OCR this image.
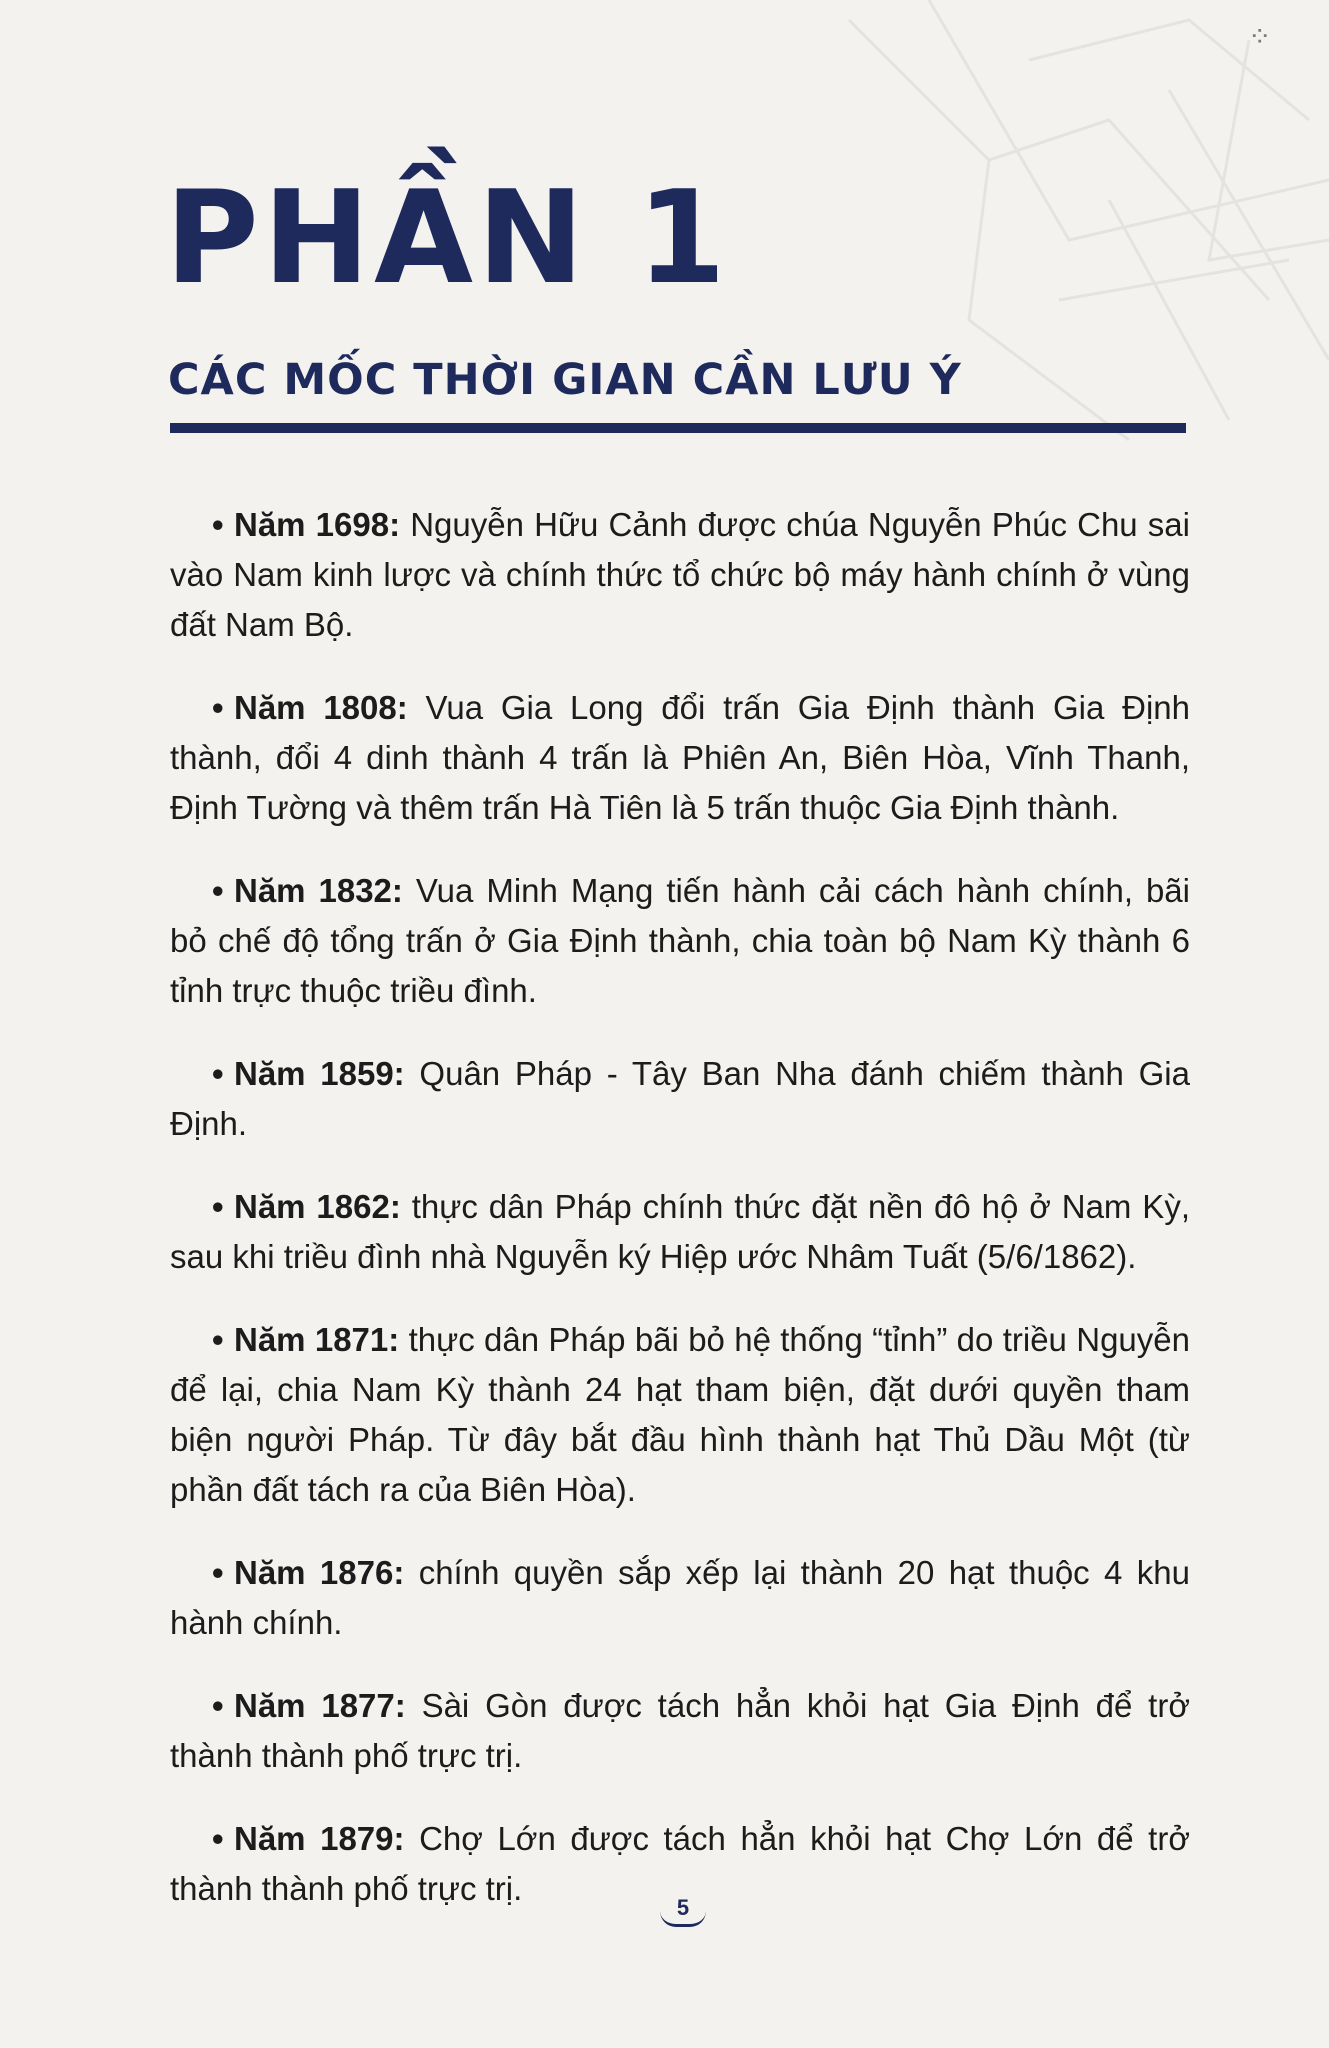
⁘
PHẦN 1
CÁC MỐC THỜI GIAN CẦN LƯU Ý
• Năm 1698: Nguyễn Hữu Cảnh được chúa Nguyễn Phúc Chu sai vào Nam kinh lược và chính thức tổ chức bộ máy hành chính ở vùng đất Nam Bộ.
• Năm 1808: Vua Gia Long đổi trấn Gia Định thành Gia Định thành, đổi 4 dinh thành 4 trấn là Phiên An, Biên Hòa, Vĩnh Thanh, Định Tường và thêm trấn Hà Tiên là 5 trấn thuộc Gia Định thành.
• Năm 1832: Vua Minh Mạng tiến hành cải cách hành chính, bãi bỏ chế độ tổng trấn ở Gia Định thành, chia toàn bộ Nam Kỳ thành 6 tỉnh trực thuộc triều đình.
• Năm 1859: Quân Pháp - Tây Ban Nha đánh chiếm thành Gia Định.
• Năm 1862: thực dân Pháp chính thức đặt nền đô hộ ở Nam Kỳ, sau khi triều đình nhà Nguyễn ký Hiệp ước Nhâm Tuất (5/6/1862).
• Năm 1871: thực dân Pháp bãi bỏ hệ thống “tỉnh” do triều Nguyễn để lại, chia Nam Kỳ thành 24 hạt tham biện, đặt dưới quyền tham biện người Pháp. Từ đây bắt đầu hình thành hạt Thủ Dầu Một (từ phần đất tách ra của Biên Hòa).
• Năm 1876: chính quyền sắp xếp lại thành 20 hạt thuộc 4 khu hành chính.
• Năm 1877: Sài Gòn được tách hẳn khỏi hạt Gia Định để trở thành thành phố trực trị.
• Năm 1879: Chợ Lớn được tách hẳn khỏi hạt Chợ Lớn để trở thành thành phố trực trị.
5
